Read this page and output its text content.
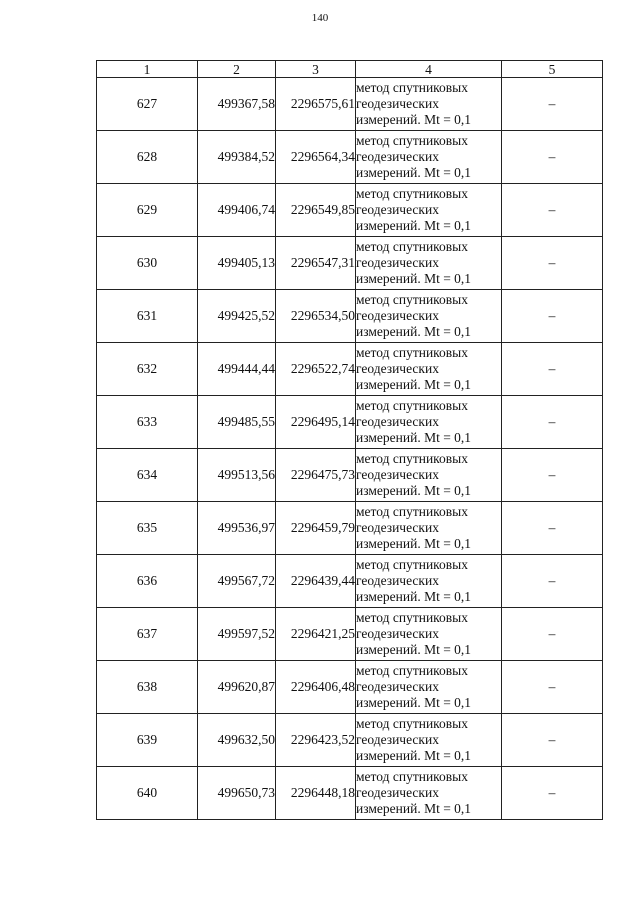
140
1	2	3	4	5
627	499367,58	2296575,61	метод спутниковых
геодезических
измерений. Mt = 0,1	–
628	499384,52	2296564,34	метод спутниковых
геодезических
измерений. Mt = 0,1	–
629	499406,74	2296549,85	метод спутниковых
геодезических
измерений. Mt = 0,1	–
630	499405,13	2296547,31	метод спутниковых
геодезических
измерений. Mt = 0,1	–
631	499425,52	2296534,50	метод спутниковых
геодезических
измерений. Mt = 0,1	–
632	499444,44	2296522,74	метод спутниковых
геодезических
измерений. Mt = 0,1	–
633	499485,55	2296495,14	метод спутниковых
геодезических
измерений. Mt = 0,1	–
634	499513,56	2296475,73	метод спутниковых
геодезических
измерений. Mt = 0,1	–
635	499536,97	2296459,79	метод спутниковых
геодезических
измерений. Mt = 0,1	–
636	499567,72	2296439,44	метод спутниковых
геодезических
измерений. Mt = 0,1	–
637	499597,52	2296421,25	метод спутниковых
геодезических
измерений. Mt = 0,1	–
638	499620,87	2296406,48	метод спутниковых
геодезических
измерений. Mt = 0,1	–
639	499632,50	2296423,52	метод спутниковых
геодезических
измерений. Mt = 0,1	–
640	499650,73	2296448,18	метод спутниковых
геодезических
измерений. Mt = 0,1	–
